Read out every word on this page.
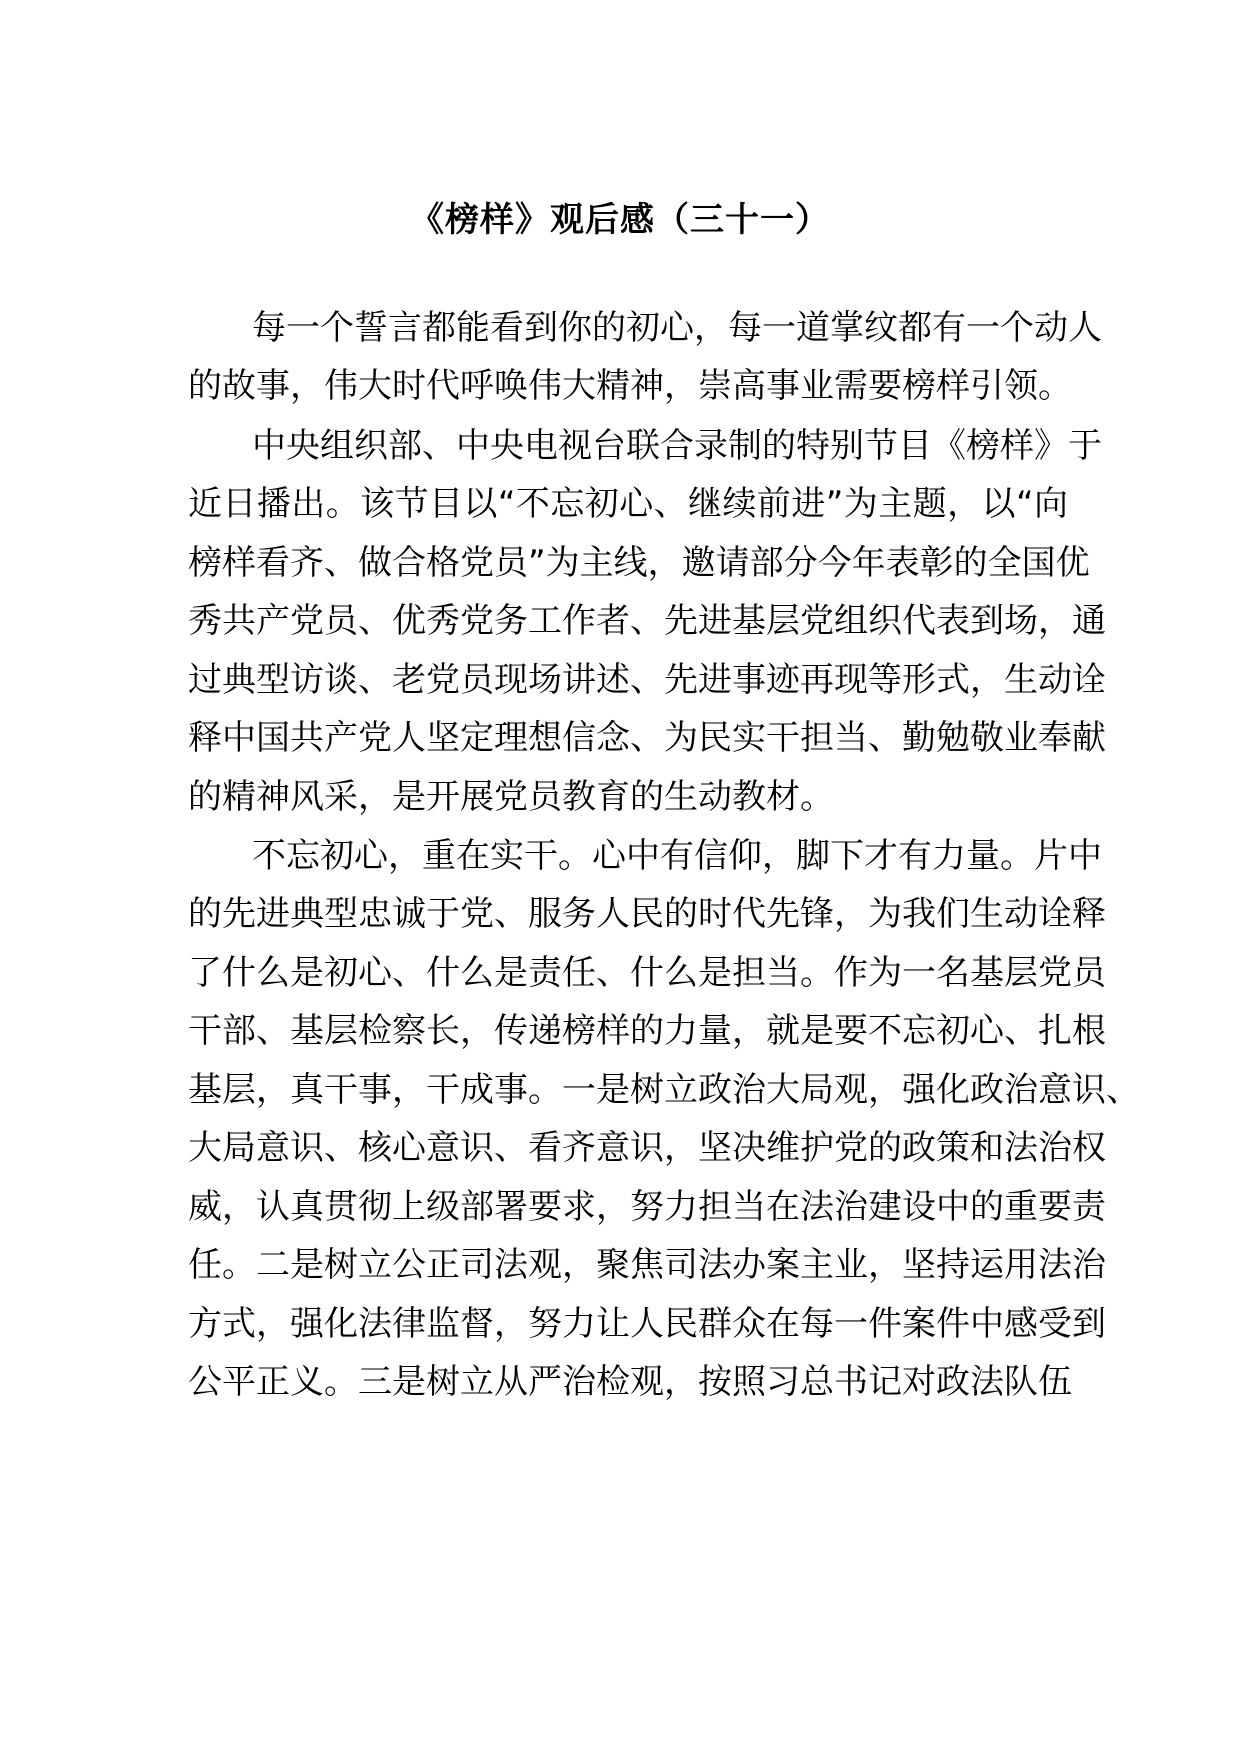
《榜样》观后感（三十一）
每一个誓言都能看到你的初心，每一道掌纹都有一个动人
的故事，伟大时代呼唤伟大精神，崇高事业需要榜样引领。
中央组织部、中央电视台联合录制的特别节目《榜样》于
近日播出。该节目以“不忘初心、继续前进”为主题，以“向
榜样看齐、做合格党员”为主线，邀请部分今年表彰的全国优
秀共产党员、优秀党务工作者、先进基层党组织代表到场，通
过典型访谈、老党员现场讲述、先进事迹再现等形式，生动诠
释中国共产党人坚定理想信念、为民实干担当、勤勉敬业奉献
的精神风采，是开展党员教育的生动教材。
不忘初心，重在实干。心中有信仰，脚下才有力量。片中
的先进典型忠诚于党、服务人民的时代先锋，为我们生动诠释
了什么是初心、什么是责任、什么是担当。作为一名基层党员
干部、基层检察长，传递榜样的力量，就是要不忘初心、扎根
基层，真干事，干成事。一是树立政治大局观，强化政治意识、
大局意识、核心意识、看齐意识，坚决维护党的政策和法治权
威，认真贯彻上级部署要求，努力担当在法治建设中的重要责
任。二是树立公正司法观，聚焦司法办案主业，坚持运用法治
方式，强化法律监督，努力让人民群众在每一件案件中感受到
公平正义。三是树立从严治检观，按照习总书记对政法队伍
